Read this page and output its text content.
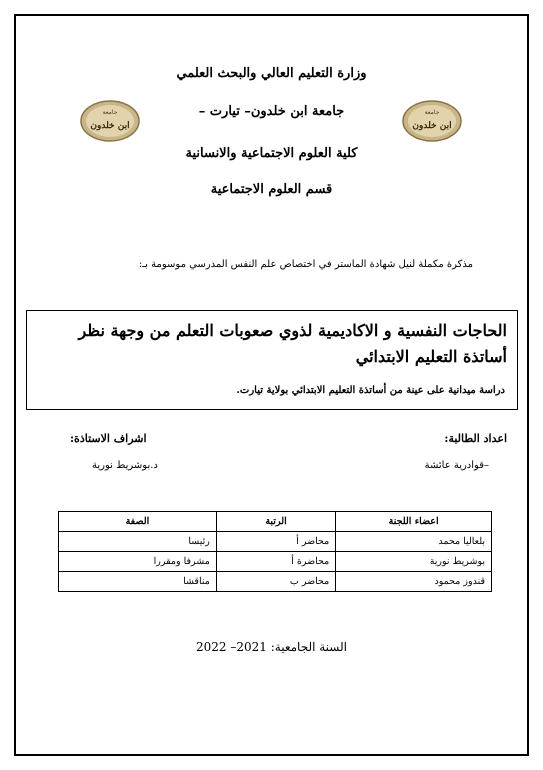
وزارة التعليم العالي والبحث العلمي
جامعة ابن خلدون– تيارت –
كلية العلوم الاجتماعية والانسانية
قسم العلوم الاجتماعية
جامعة
ابن خلدون
جامعة
ابن خلدون
مذكرة مكملة لنيل شهادة الماستر في اختصاص علم النفس المدرسي موسومة بـ:
الحاجات النفسية و الاكاديمية لذوي صعوبات التعلم من وجهة نظر
أساتذة التعليم الابتدائي
دراسة ميدانية على عينة من أساتذة التعليم الابتدائي بولاية تيارت.
اعداد الطالبة:
اشراف الاستاذة:
–قوادرية عائشة
د.بوشريط نورية
اعضاء اللجنة	الرتبة	الصفة
بلعاليا محمد	محاضر أ	رئيسا
بوشريط نورية	محاضرة أ	مشرفا ومقررا
قندوز محمود	محاضر ب	مناقشا
السنة الجامعية: 2021– 2022
